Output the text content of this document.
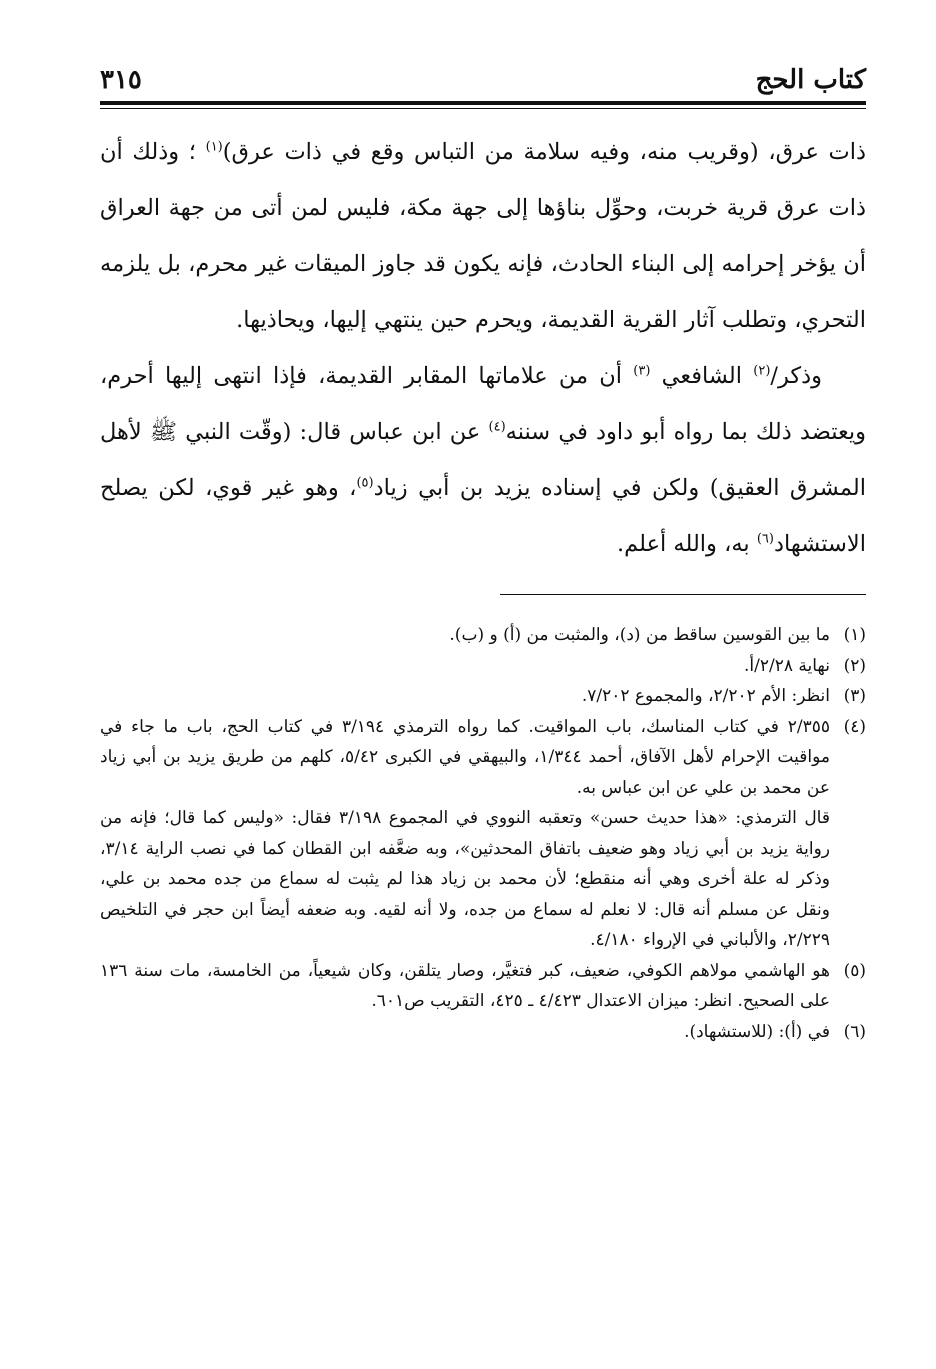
كتاب الحج
٣١٥

ذات عرق، (وقريب منه، وفيه سلامة من التباس وقع في ذات عرق)$^{(١)}$ ؛ وذلك أن ذات عرق قرية خربت، وحوِّل بناؤها إلى جهة مكة، فليس لمن أتى من جهة العراق أن يؤخر إحرامه إلى البناء الحادث، فإنه يكون قد جاوز الميقات غير محرم، بل يلزمه التحري، وتطلب آثار القرية القديمة، ويحرم حين ينتهي إليها، ويحاذيها.

وذكر/$^{(٢)}$ الشافعي $^{(٣)}$ أن من علاماتها المقابر القديمة، فإذا انتهى إليها أحرم، ويعتضد ذلك بما رواه أبو داود في سننه$^{(٤)}$ عن ابن عباس قال: (وقّت النبي ﷺ لأهل المشرق العقيق) ولكن في إسناده يزيد بن أبي زياد$^{(٥)}$، وهو غير قوي، لكن يصلح الاستشهاد$^{(٦)}$ به، والله أعلم.

(١)
ما بين القوسين ساقط من (د)، والمثبت من (أ) و (ب).
(٢)
نهاية ٢/٢٨/أ.
(٣)
انظر: الأم ٢/٢٠٢، والمجموع ٧/٢٠٢.
(٤)

٢/٣٥٥ في كتاب المناسك، باب المواقيت. كما رواه الترمذي ٣/١٩٤ في كتاب الحج، باب ما جاء في مواقيت الإحرام لأهل الآفاق، أحمد ١/٣٤٤، والبيهقي في الكبرى ٥/٤٢، كلهم من طريق يزيد بن أبي زياد عن محمد بن علي عن ابن عباس به.

قال الترمذي: «هذا حديث حسن» وتعقبه النووي في المجموع ٣/١٩٨ فقال: «وليس كما قال؛ فإنه من رواية يزيد بن أبي زياد وهو ضعيف باتفاق المحدثين»، وبه ضعَّفه ابن القطان كما في نصب الراية ٣/١٤، وذكر له علة أخرى وهي أنه منقطع؛ لأن محمد بن زياد هذا لم يثبت له سماع من جده محمد بن علي، ونقل عن مسلم أنه قال: لا نعلم له سماع من جده، ولا أنه لقيه. وبه ضعفه أيضاً ابن حجر في التلخيص ٢/٢٢٩، والألباني في الإرواء ٤/١٨٠.

(٥)
هو الهاشمي مولاهم الكوفي، ضعيف، كبر فتغيَّر، وصار يتلقن، وكان شيعياً، من الخامسة، مات سنة ١٣٦ على الصحيح. انظر: ميزان الاعتدال ٤/٤٢٣ ـ ٤٢٥، التقريب ص٦٠١.
(٦)
في (أ): (للاستشهاد).
